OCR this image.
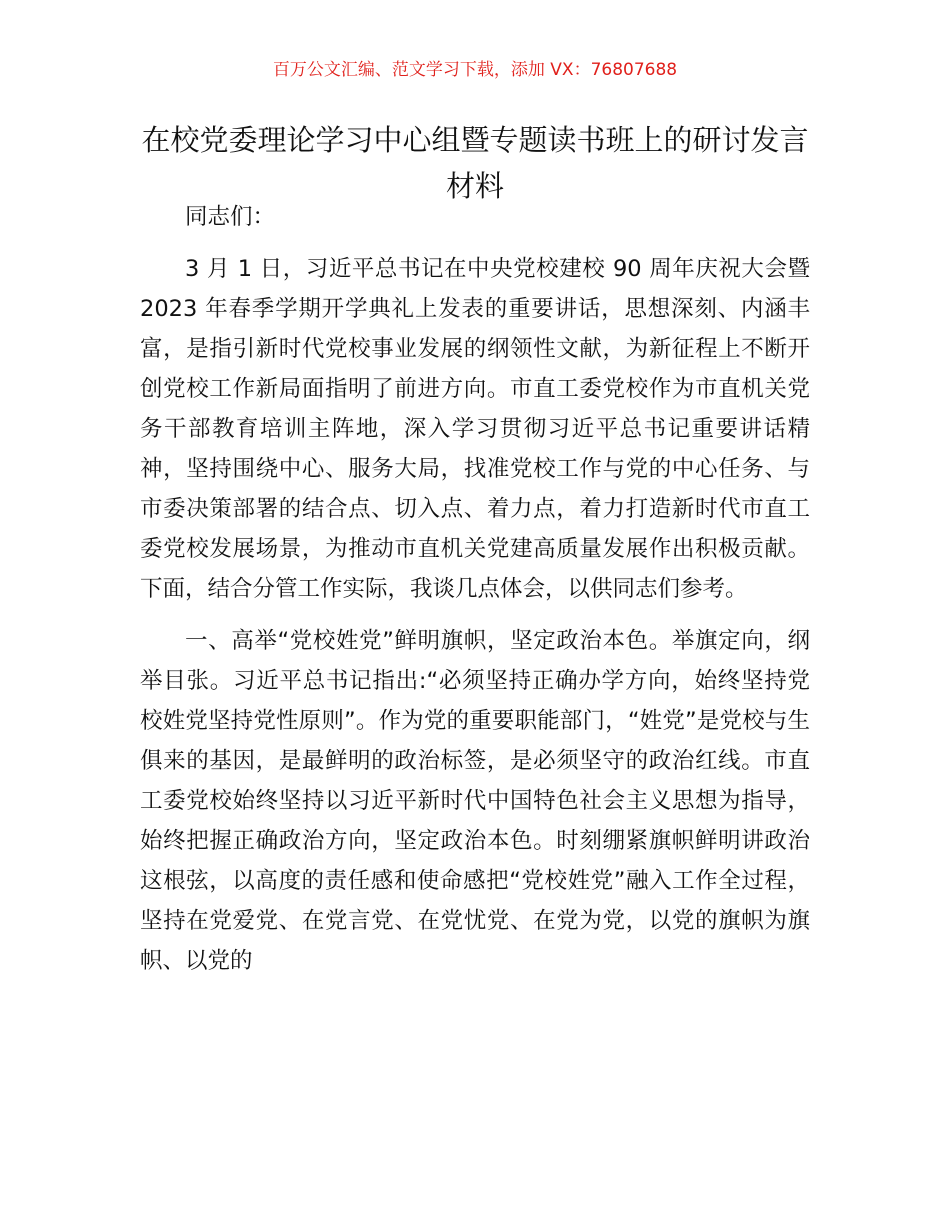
百万公文汇编、范文学习下载，添加 VX：76807688
在校党委理论学习中心组暨专题读书班上的研讨发言材料

同志们：

3 月 1 日，习近平总书记在中央党校建校 90 周年庆祝大会暨 2023 年春季学期开学典礼上发表的重要讲话，思想深刻、内涵丰富，是指引新时代党校事业发展的纲领性文献，为新征程上不断开创党校工作新局面指明了前进方向。市直工委党校作为市直机关党务干部教育培训主阵地，深入学习贯彻习近平总书记重要讲话精神，坚持围绕中心、服务大局，找准党校工作与党的中心任务、与市委决策部署的结合点、切入点、着力点，着力打造新时代市直工委党校发展场景，为推动市直机关党建高质量发展作出积极贡献。下面，结合分管工作实际，我谈几点体会，以供同志们参考。

一、高举“党校姓党”鲜明旗帜，坚定政治本色。举旗定向，纲举目张。习近平总书记指出:“必须坚持正确办学方向，始终坚持党校姓党坚持党性原则”。作为党的重要职能部门，“姓党”是党校与生俱来的基因，是最鲜明的政治标签，是必须坚守的政治红线。市直工委党校始终坚持以习近平新时代中国特色社会主义思想为指导，始终把握正确政治方向，坚定政治本色。时刻绷紧旗帜鲜明讲政治这根弦，以高度的责任感和使命感把“党校姓党”融入工作全过程，坚持在党爱党、在党言党、在党忧党、在党为党，以党的旗帜为旗帜、以党的
